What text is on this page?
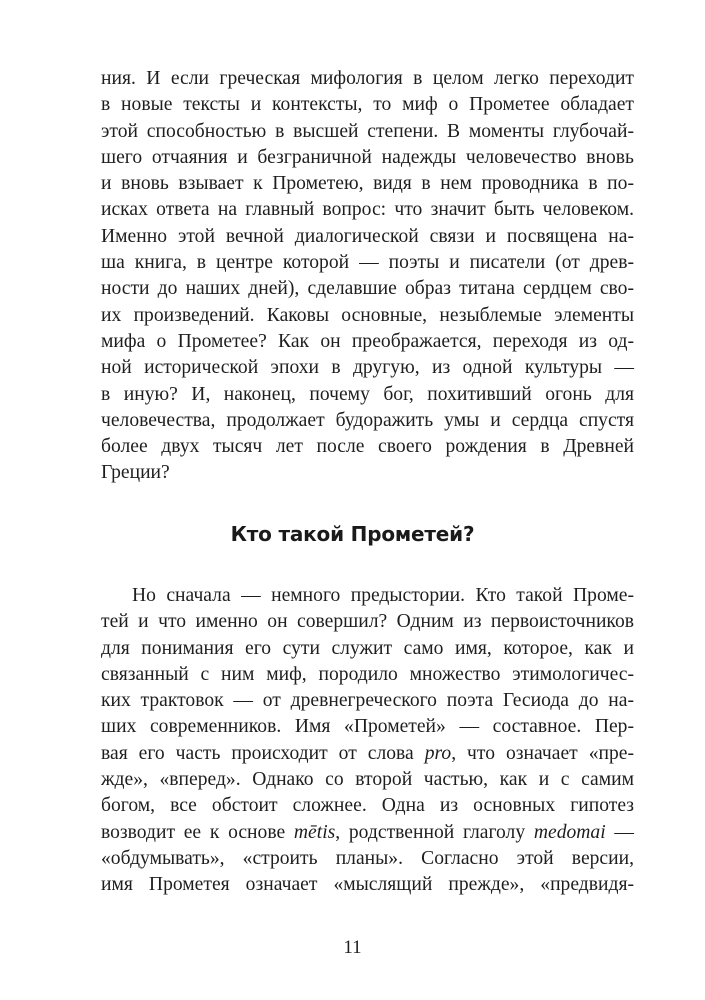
ния. И если греческая мифология в целом легко переходит
в новые тексты и контексты, то миф о Прометее обладает
этой способностью в высшей степени. В моменты глубочай-
шего отчаяния и безграничной надежды человечество вновь
и вновь взывает к Прометею, видя в нем проводника в по-
исках ответа на главный вопрос: что значит быть человеком.
Именно этой вечной диалогической связи и посвящена на-
ша книга, в центре которой — поэты и писатели (от древ-
ности до наших дней), сделавшие образ титана сердцем сво-
их произведений. Каковы основные, незыблемые элементы
мифа о Прометее? Как он преображается, переходя из од-
ной исторической эпохи в другую, из одной культуры —
в иную? И, наконец, почему бог, похитивший огонь для
человечества, продолжает будоражить умы и сердца спустя
более двух тысяч лет после своего рождения в Древней
Греции?
Кто такой Прометей?
Но сначала — немного предыстории. Кто такой Проме-
тей и что именно он совершил? Одним из первоисточников
для понимания его сути служит само имя, которое, как и
связанный с ним миф, породило множество этимологичес-
ких трактовок — от древнегреческого поэта Гесиода до на-
ших современников. Имя «Прометей» — составное. Пер-
вая его часть происходит от слова pro, что означает «пре-
жде», «вперед». Однако со второй частью, как и с самим
богом, все обстоит сложнее. Одна из основных гипотез
возводит ее к основе mētis, родственной глаголу medomai —
«обдумывать», «строить планы». Согласно этой версии,
имя Прометея означает «мыслящий прежде», «предвидя-
11
